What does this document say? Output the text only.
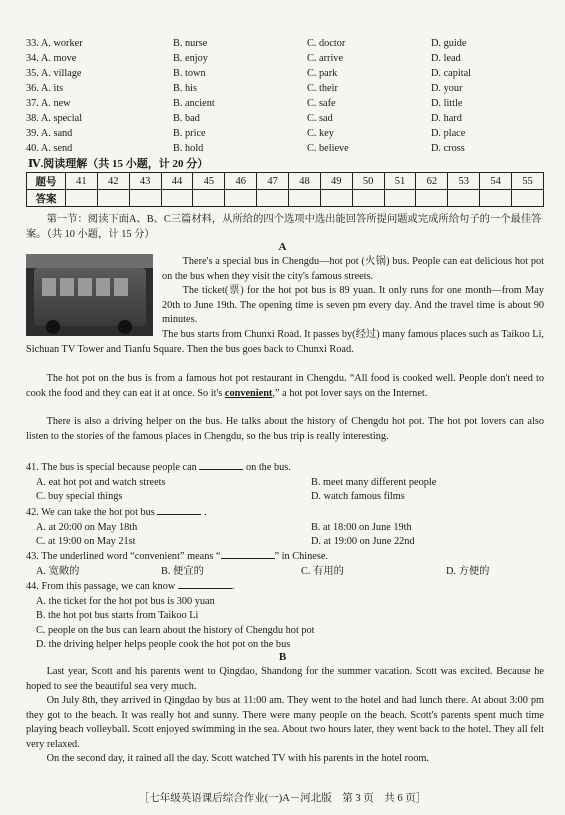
33. A. worker	B. nurse	C. doctor	D. guide
34. A. move	B. enjoy	C. arrive	D. lead
35. A. village	B. town	C. park	D. capital
36. A. its	B. his	C. their	D. your
37. A. new	B. ancient	C. safe	D. little
38. A. special	B. bad	C. sad	D. hard
39. A. sand	B. price	C. key	D. place
40. A. send	B. hold	C. believe	D. cross
Ⅳ.阅读理解（共 15 小题，计 20 分）
题号	41	42	43	44	45	46	47	48	49	50	51	62	53	54	55
答案															
第一节：阅读下面A、B、C三篇材料，从所给的四个选项中选出能回答所提问题或完成所给句子的一个最佳答案。（共 10 小题，计 15 分）
A
There's a special bus in Chengdu—hot pot (火锅) bus. People can eat delicious hot pot on the bus when they visit the city's famous streets.
The ticket(票) for the hot pot bus is 89 yuan. It only runs for one month—from May 20th to June 19th. The opening time is seven pm every day. And the travel time is about 90 minutes.
The bus starts from Chunxi Road. It passes by(经过) many famous places such as Taikoo Li, Sichuan TV Tower and Tianfu Square. Then the bus goes back to Chunxi Road.
The hot pot on the bus is from a famous hot pot restaurant in Chengdu. “All food is cooked well. People don't need to cook the food and they can eat it at once. So it's convenient,” a hot pot lover says on the Internet.
There is also a driving helper on the bus. He talks about the history of Chengdu hot pot. The hot pot lovers can also listen to the stories of the famous places in Chengdu, so the bus trip is really interesting.
41. The bus is special because people can	on the bus.
A. eat hot pot and watch streets	B. meet many different people
C. buy special things	D. watch famous films
42. We can take the hot pot bus	.
A. at 20:00 on May 18th	B. at 18:00 on June 19th
C. at 19:00 on May 21st	D. at 19:00 on June 22nd
43. The underlined word “convenient” means “	” in Chinese.
A. 宽敞的	B. 便宜的	C. 有用的	D. 方便的
44. From this passage, we can know	.
A. the ticket for the hot pot bus is 300 yuan
B. the hot pot bus starts from Taikoo Li
C. people on the bus can learn about the history of Chengdu hot pot
D. the driving helper helps people cook the hot pot on the bus
B
Last year, Scott and his parents went to Qingdao, Shandong for the summer vacation. Scott was excited. Because he hoped to see the beautiful sea very much.
On July 8th, they arrived in Qingdao by bus at 11:00 am. They went to the hotel and had lunch there. At about 3:00 pm they got to the beach. It was really hot and sunny. There were many people on the beach. Scott's parents spent much time playing beach volleyball. Scott enjoyed swimming in the sea. About two hours later, they went back to the hotel. They all felt very relaxed.
On the second day, it rained all the day. Scott watched TV with his parents in the hotel room.
［七年级英语课后综合作业(一)A－河北版　第 3 页　共 6 页］
